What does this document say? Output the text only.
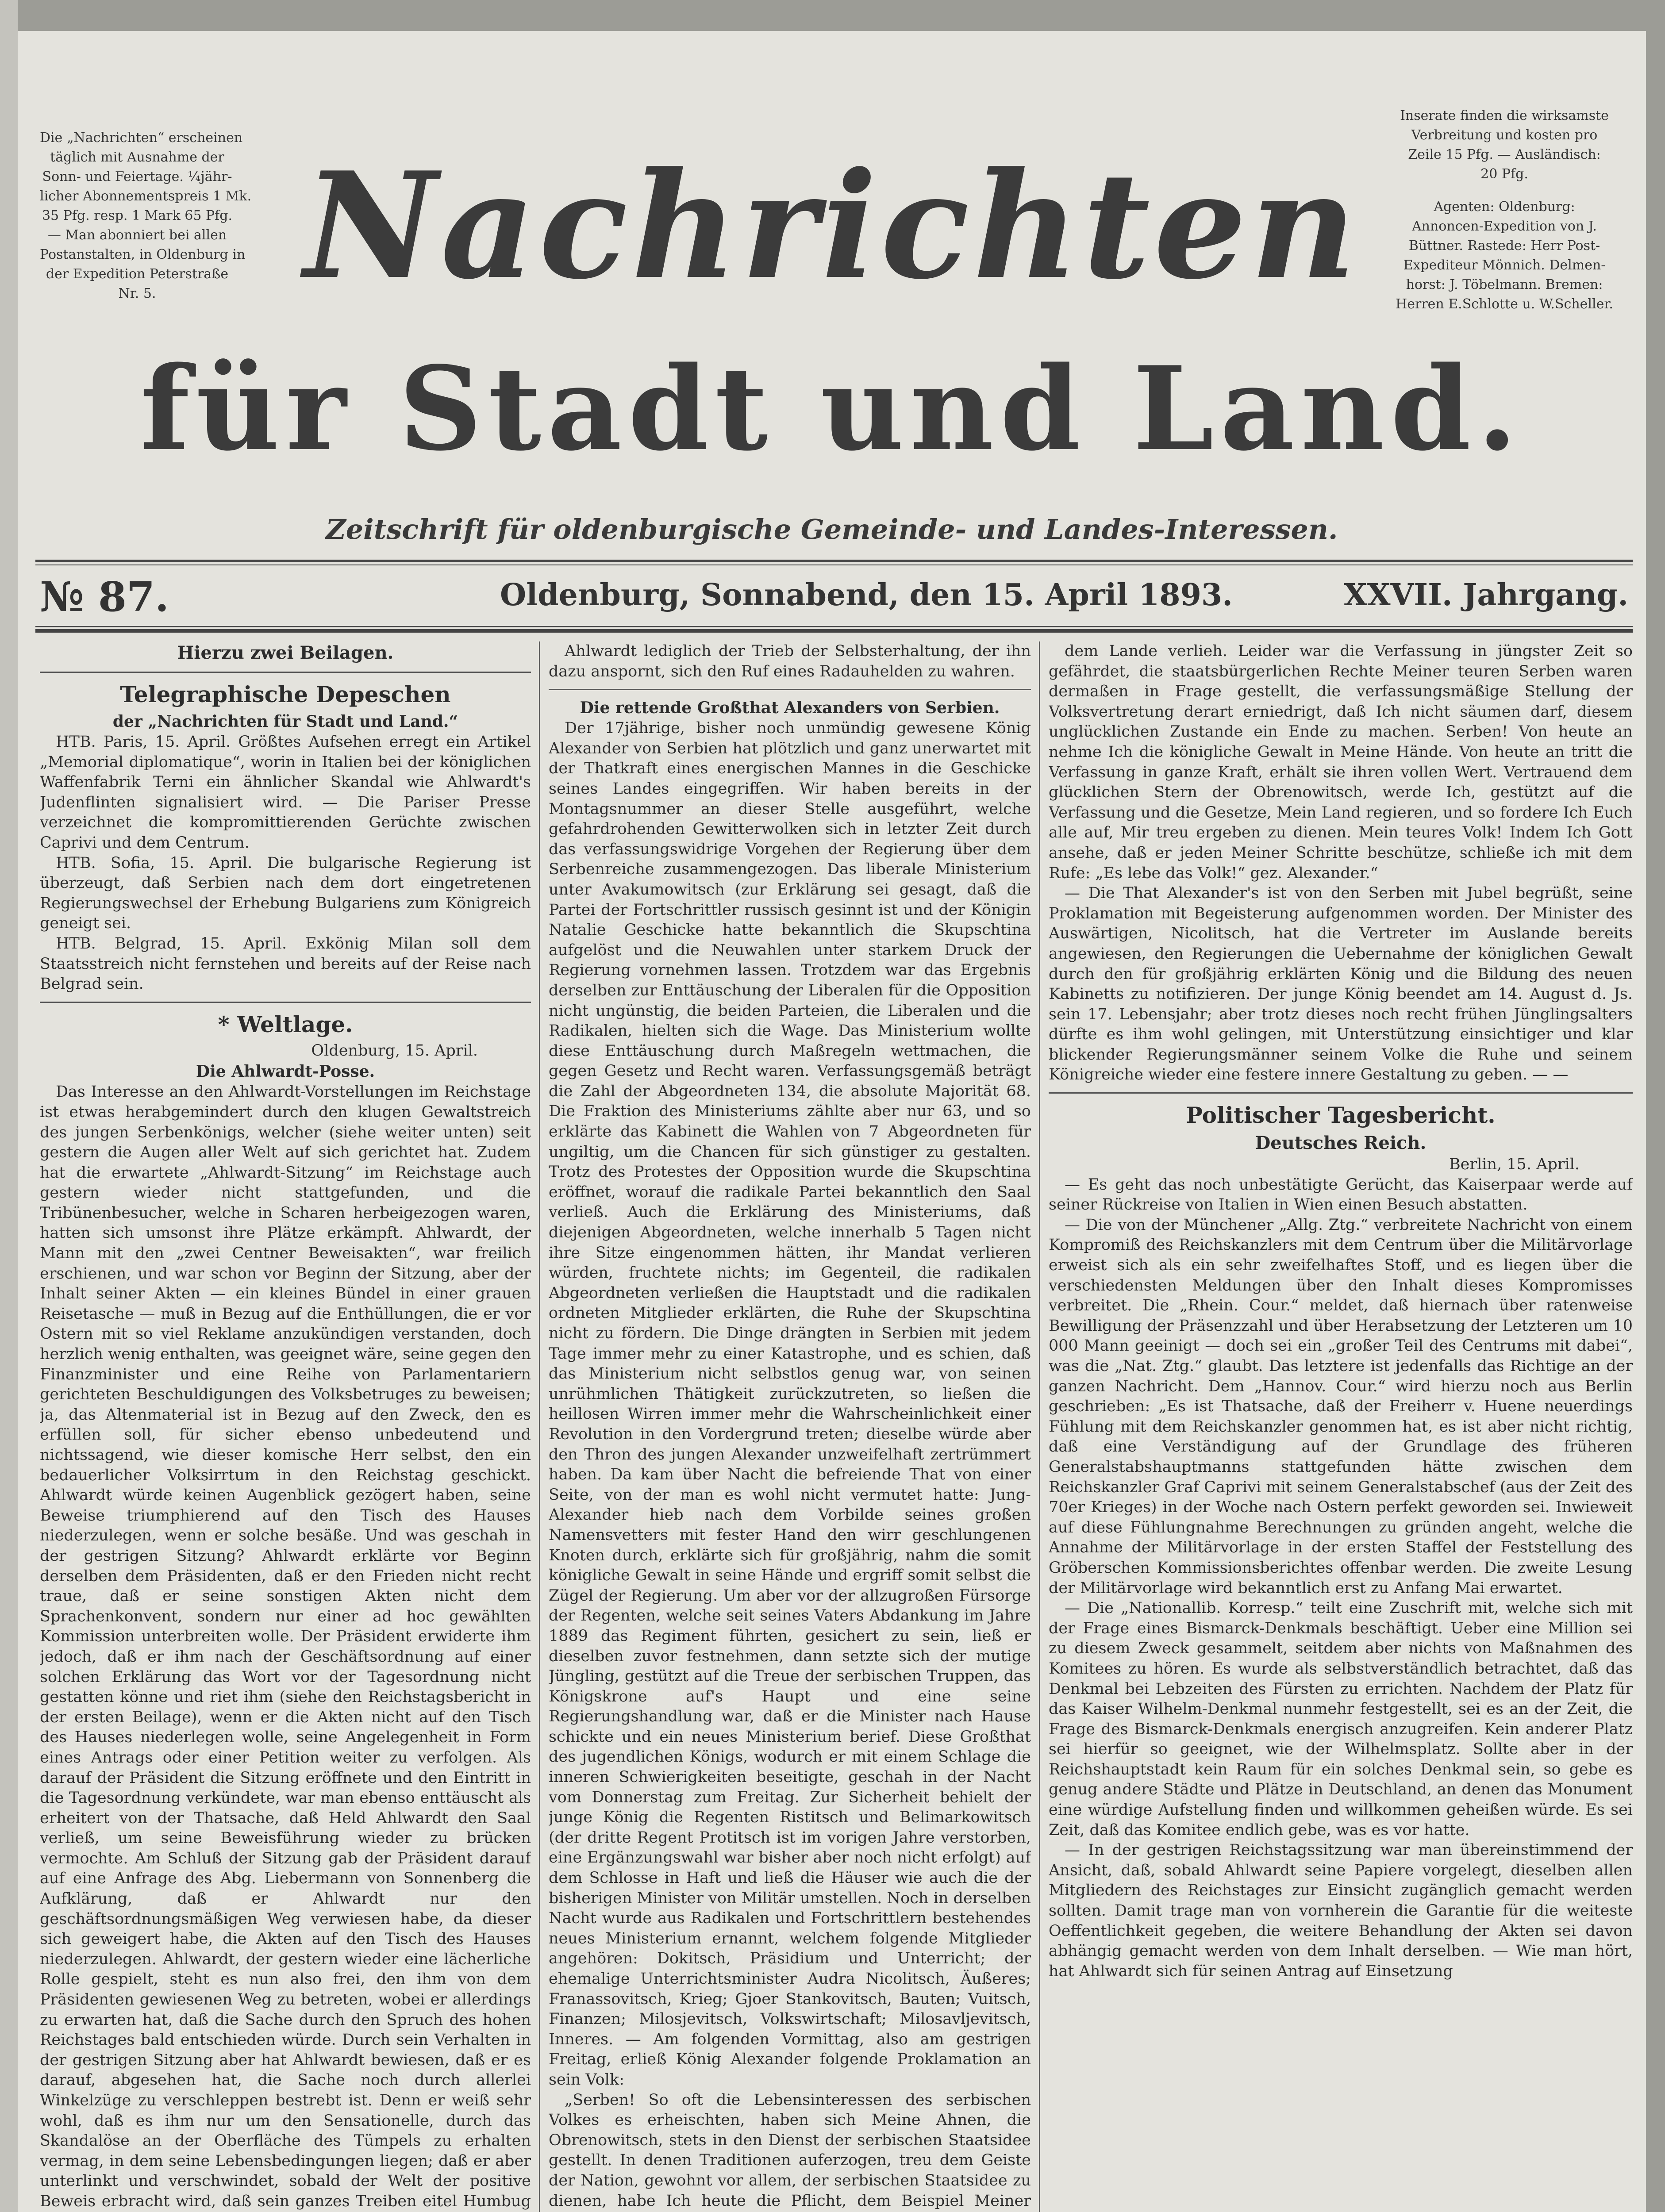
Die „Nachrichten“ erscheinen
täglich mit Ausnahme der
Sonn- und Feiertage. ¼jähr-
licher Abonnementspreis 1 Mk.
35 Pfg. resp. 1 Mark 65 Pfg.
— Man abonniert bei allen
Postanstalten, in Oldenburg in
der Expedition Peterstraße
Nr. 5.
Inserate finden die wirksamste
Verbreitung und kosten pro
Zeile 15 Pfg. — Ausländisch:
20 Pfg.
Agenten: Oldenburg:
Annoncen-Expedition von J.
Büttner. Rastede: Herr Post-
Expediteur Mönnich. Delmen-
horst: J. Töbelmann. Bremen:
Herren E.Schlotte u. W.Scheller.
Nachrichten
für Stadt und Land.
Zeitschrift für oldenburgische Gemeinde- und Landes-Interessen.
№ 87.	Oldenburg, Sonnabend, den 15. April 1893.	XXVII. Jahrgang.
Hierzu zwei Beilagen.
Telegraphische Depeschen
der „Nachrichten für Stadt und Land.“

HTB. Paris, 15. April. Größtes Aufsehen erregt ein Artikel „Memorial diplomatique“, worin in Italien bei der königlichen Waffenfabrik Terni ein ähnlicher Skandal wie Ahlwardt's Judenflinten signalisiert wird. — Die Pariser Presse verzeichnet die kompromittierenden Gerüchte zwischen Caprivi und dem Centrum.

HTB. Sofia, 15. April. Die bulgarische Regierung ist überzeugt, daß Serbien nach dem dort eingetretenen Regierungswechsel der Erhebung Bulgariens zum Königreich geneigt sei.

HTB. Belgrad, 15. April. Exkönig Milan soll dem Staatsstreich nicht fernstehen und bereits auf der Reise nach Belgrad sein.

* Weltlage.
Oldenburg, 15. April.
Die Ahlwardt-Posse.

Das Interesse an den Ahlwardt-Vorstellungen im Reichstage ist etwas herabgemindert durch den klugen Gewaltstreich des jungen Serbenkönigs, welcher (siehe weiter unten) seit gestern die Augen aller Welt auf sich gerichtet hat. Zudem hat die erwartete „Ahlwardt-Sitzung“ im Reichstage auch gestern wieder nicht stattgefunden, und die Tribünenbesucher, welche in Scharen herbeigezogen waren, hatten sich umsonst ihre Plätze erkämpft. Ahlwardt, der Mann mit den „zwei Centner Beweisakten“, war freilich erschienen, und war schon vor Beginn der Sitzung, aber der Inhalt seiner Akten — ein kleines Bündel in einer grauen Reisetasche — muß in Bezug auf die Enthüllungen, die er vor Ostern mit so viel Reklame anzukündigen verstanden, doch herzlich wenig enthalten, was geeignet wäre, seine gegen den Finanzminister und eine Reihe von Parlamentariern gerichteten Beschuldigungen des Volksbetruges zu beweisen; ja, das Altenmaterial ist in Bezug auf den Zweck, den es erfüllen soll, für sicher ebenso unbedeutend und nichtssagend, wie dieser komische Herr selbst, den ein bedauerlicher Volksirrtum in den Reichstag geschickt. Ahlwardt würde keinen Augenblick gezögert haben, seine Beweise triumphierend auf den Tisch des Hauses niederzulegen, wenn er solche besäße. Und was geschah in der gestrigen Sitzung? Ahlwardt erklärte vor Beginn derselben dem Präsidenten, daß er den Frieden nicht recht traue, daß er seine sonstigen Akten nicht dem Sprachenkonvent, sondern nur einer ad hoc gewählten Kommission unterbreiten wolle. Der Präsident erwiderte ihm jedoch, daß er ihm nach der Geschäftsordnung auf einer solchen Erklärung das Wort vor der Tagesordnung nicht gestatten könne und riet ihm (siehe den Reichstagsbericht in der ersten Beilage), wenn er die Akten nicht auf den Tisch des Hauses niederlegen wolle, seine Angelegenheit in Form eines Antrags oder einer Petition weiter zu verfolgen. Als darauf der Präsident die Sitzung eröffnete und den Eintritt in die Tagesordnung verkündete, war man ebenso enttäuscht als erheitert von der Thatsache, daß Held Ahlwardt den Saal verließ, um seine Beweisführung wieder zu brücken vermochte. Am Schluß der Sitzung gab der Präsident darauf auf eine Anfrage des Abg. Liebermann von Sonnenberg die Aufklärung, daß er Ahlwardt nur den geschäftsordnungsmäßigen Weg verwiesen habe, da dieser sich geweigert habe, die Akten auf den Tisch des Hauses niederzulegen. Ahlwardt, der gestern wieder eine lächerliche Rolle gespielt, steht es nun also frei, den ihm von dem Präsidenten gewiesenen Weg zu betreten, wobei er allerdings zu erwarten hat, daß die Sache durch den Spruch des hohen Reichstages bald entschieden würde. Durch sein Verhalten in der gestrigen Sitzung aber hat Ahlwardt bewiesen, daß er es darauf, abgesehen hat, die Sache noch durch allerlei Winkelzüge zu verschleppen bestrebt ist. Denn er weiß sehr wohl, daß es ihm nur um den Sensationelle, durch das Skandalöse an der Oberfläche des Tümpels zu erhalten vermag, in dem seine Lebensbedingungen liegen; daß er aber unterlinkt und verschwindet, sobald der Welt der positive Beweis erbracht wird, daß sein ganzes Treiben eitel Humbug

Ahlwardt lediglich der Trieb der Selbsterhaltung, der ihn dazu anspornt, sich den Ruf eines Radauhelden zu wahren.

Die rettende Großthat Alexanders von Serbien.

Der 17jährige, bisher noch unmündig gewesene König Alexander von Serbien hat plötzlich und ganz unerwartet mit der Thatkraft eines energischen Mannes in die Geschicke seines Landes eingegriffen. Wir haben bereits in der Montagsnummer an dieser Stelle ausgeführt, welche gefahrdrohenden Gewitterwolken sich in letzter Zeit durch das verfassungswidrige Vorgehen der Regierung über dem Serbenreiche zusammengezogen. Das liberale Ministerium unter Avakumowitsch (zur Erklärung sei gesagt, daß die Partei der Fortschrittler russisch gesinnt ist und der Königin Natalie Geschicke hatte bekanntlich die Skupschtina aufgelöst und die Neuwahlen unter starkem Druck der Regierung vornehmen lassen. Trotzdem war das Ergebnis derselben zur Enttäuschung der Liberalen für die Opposition nicht ungünstig, die beiden Parteien, die Liberalen und die Radikalen, hielten sich die Wage. Das Ministerium wollte diese Enttäuschung durch Maßregeln wettmachen, die gegen Gesetz und Recht waren. Verfassungsgemäß beträgt die Zahl der Abgeordneten 134, die absolute Majorität 68. Die Fraktion des Ministeriums zählte aber nur 63, und so erklärte das Kabinett die Wahlen von 7 Abgeordneten für ungiltig, um die Chancen für sich günstiger zu gestalten. Trotz des Protestes der Opposition wurde die Skupschtina eröffnet, worauf die radikale Partei bekanntlich den Saal verließ. Auch die Erklärung des Ministeriums, daß diejenigen Abgeordneten, welche innerhalb 5 Tagen nicht ihre Sitze eingenommen hätten, ihr Mandat verlieren würden, fruchtete nichts; im Gegenteil, die radikalen Abgeordneten verließen die Hauptstadt und die radikalen ordneten Mitglieder erklärten, die Ruhe der Skupschtina nicht zu fördern. Die Dinge drängten in Serbien mit jedem Tage immer mehr zu einer Katastrophe, und es schien, daß das Ministerium nicht selbstlos genug war, von seinen unrühmlichen Thätigkeit zurückzutreten, so ließen die heillosen Wirren immer mehr die Wahrscheinlichkeit einer Revolution in den Vordergrund treten; dieselbe würde aber den Thron des jungen Alexander unzweifelhaft zertrümmert haben. Da kam über Nacht die befreiende That von einer Seite, von der man es wohl nicht vermutet hatte: Jung-Alexander hieb nach dem Vorbilde seines großen Namensvetters mit fester Hand den wirr geschlungenen Knoten durch, erklärte sich für großjährig, nahm die somit königliche Gewalt in seine Hände und ergriff somit selbst die Zügel der Regierung. Um aber vor der allzugroßen Fürsorge der Regenten, welche seit seines Vaters Abdankung im Jahre 1889 das Regiment führten, gesichert zu sein, ließ er dieselben zuvor festnehmen, dann setzte sich der mutige Jüngling, gestützt auf die Treue der serbischen Truppen, das Königskrone auf's Haupt und eine seine Regierungshandlung war, daß er die Minister nach Hause schickte und ein neues Ministerium berief. Diese Großthat des jugendlichen Königs, wodurch er mit einem Schlage die inneren Schwierigkeiten beseitigte, geschah in der Nacht vom Donnerstag zum Freitag. Zur Sicherheit behielt der junge König die Regenten Ristitsch und Belimarkowitsch (der dritte Regent Protitsch ist im vorigen Jahre verstorben, eine Ergänzungswahl war bisher aber noch nicht erfolgt) auf dem Schlosse in Haft und ließ die Häuser wie auch die der bisherigen Minister von Militär umstellen. Noch in derselben Nacht wurde aus Radikalen und Fortschrittlern bestehendes neues Ministerium ernannt, welchem folgende Mitglieder angehören: Dokitsch, Präsidium und Unterricht; der ehemalige Unterrichtsminister Audra Nicolitsch, Äußeres; Franassovitsch, Krieg; Gjoer Stankovitsch, Bauten; Vuitsch, Finanzen; Milosjevitsch, Volkswirtschaft; Milosavljevitsch, Inneres. — Am folgenden Vormittag, also am gestrigen Freitag, erließ König Alexander folgende Proklamation an sein Volk:

„Serben! So oft die Lebensinteressen des serbischen Volkes es erheischten, haben sich Meine Ahnen, die Obrenowitsch, stets in den Dienst der serbischen Staatsidee gestellt. In denen Traditionen auferzogen, treu dem Geiste der Nation, gewohnt vor allem, der serbischen Staatsidee zu dienen, habe Ich heute die Pflicht, dem Beispiel Meiner

dem Lande verlieh. Leider war die Verfassung in jüngster Zeit so gefährdet, die staatsbürgerlichen Rechte Meiner teuren Serben waren dermaßen in Frage gestellt, die verfassungsmäßige Stellung der Volksvertretung derart erniedrigt, daß Ich nicht säumen darf, diesem unglücklichen Zustande ein Ende zu machen. Serben! Von heute an nehme Ich die königliche Gewalt in Meine Hände. Von heute an tritt die Verfassung in ganze Kraft, erhält sie ihren vollen Wert. Vertrauend dem glücklichen Stern der Obrenowitsch, werde Ich, gestützt auf die Verfassung und die Gesetze, Mein Land regieren, und so fordere Ich Euch alle auf, Mir treu ergeben zu dienen. Mein teures Volk! Indem Ich Gott ansehe, daß er jeden Meiner Schritte beschütze, schließe ich mit dem Rufe: „Es lebe das Volk!“ gez. Alexander.“

— Die That Alexander's ist von den Serben mit Jubel begrüßt, seine Proklamation mit Begeisterung aufgenommen worden. Der Minister des Auswärtigen, Nicolitsch, hat die Vertreter im Auslande bereits angewiesen, den Regierungen die Uebernahme der königlichen Gewalt durch den für großjährig erklärten König und die Bildung des neuen Kabinetts zu notifizieren. Der junge König beendet am 14. August d. Js. sein 17. Lebensjahr; aber trotz dieses noch recht frühen Jünglingsalters dürfte es ihm wohl gelingen, mit Unterstützung einsichtiger und klar blickender Regierungsmänner seinem Volke die Ruhe und seinem Königreiche wieder eine festere innere Gestaltung zu geben. — —

Politischer Tagesbericht.
Deutsches Reich.
Berlin, 15. April.

— Es geht das noch unbestätigte Gerücht, das Kaiserpaar werde auf seiner Rückreise von Italien in Wien einen Besuch abstatten.

— Die von der Münchener „Allg. Ztg.“ verbreitete Nachricht von einem Kompromiß des Reichskanzlers mit dem Centrum über die Militärvorlage erweist sich als ein sehr zweifelhaftes Stoff, und es liegen über die verschiedensten Meldungen über den Inhalt dieses Kompromisses verbreitet. Die „Rhein. Cour.“ meldet, daß hiernach über ratenweise Bewilligung der Präsenzzahl und über Herabsetzung der Letzteren um 10 000 Mann geeinigt — doch sei ein „großer Teil des Centrums mit dabei“, was die „Nat. Ztg.“ glaubt. Das letztere ist jedenfalls das Richtige an der ganzen Nachricht. Dem „Hannov. Cour.“ wird hierzu noch aus Berlin geschrieben: „Es ist Thatsache, daß der Freiherr v. Huene neuerdings Fühlung mit dem Reichskanzler genommen hat, es ist aber nicht richtig, daß eine Verständigung auf der Grundlage des früheren Generalstabshauptmanns stattgefunden hätte zwischen dem Reichskanzler Graf Caprivi mit seinem Generalstabschef (aus der Zeit des 70er Krieges) in der Woche nach Ostern perfekt geworden sei. Inwieweit auf diese Fühlungnahme Berechnungen zu gründen angeht, welche die Annahme der Militärvorlage in der ersten Staffel der Feststellung des Gröberschen Kommissionsberichtes offenbar werden. Die zweite Lesung der Militärvorlage wird bekanntlich erst zu Anfang Mai erwartet.

— Die „Nationallib. Korresp.“ teilt eine Zuschrift mit, welche sich mit der Frage eines Bismarck-Denkmals beschäftigt. Ueber eine Million sei zu diesem Zweck gesammelt, seitdem aber nichts von Maßnahmen des Komitees zu hören. Es wurde als selbstverständlich betrachtet, daß das Denkmal bei Lebzeiten des Fürsten zu errichten. Nachdem der Platz für das Kaiser Wilhelm-Denkmal nunmehr festgestellt, sei es an der Zeit, die Frage des Bismarck-Denkmals energisch anzugreifen. Kein anderer Platz sei hierfür so geeignet, wie der Wilhelmsplatz. Sollte aber in der Reichshauptstadt kein Raum für ein solches Denkmal sein, so gebe es genug andere Städte und Plätze in Deutschland, an denen das Monument eine würdige Aufstellung finden und willkommen geheißen würde. Es sei Zeit, daß das Komitee endlich gebe, was es vor hatte.

— In der gestrigen Reichstagssitzung war man übereinstimmend der Ansicht, daß, sobald Ahlwardt seine Papiere vorgelegt, dieselben allen Mitgliedern des Reichstages zur Einsicht zugänglich gemacht werden sollten. Damit trage man von vornherein die Garantie für die weiteste Oeffentlichkeit gegeben, die weitere Behandlung der Akten sei davon abhängig gemacht werden von dem Inhalt derselben. — Wie man hört, hat Ahlwardt sich für seinen Antrag auf Einsetzung
